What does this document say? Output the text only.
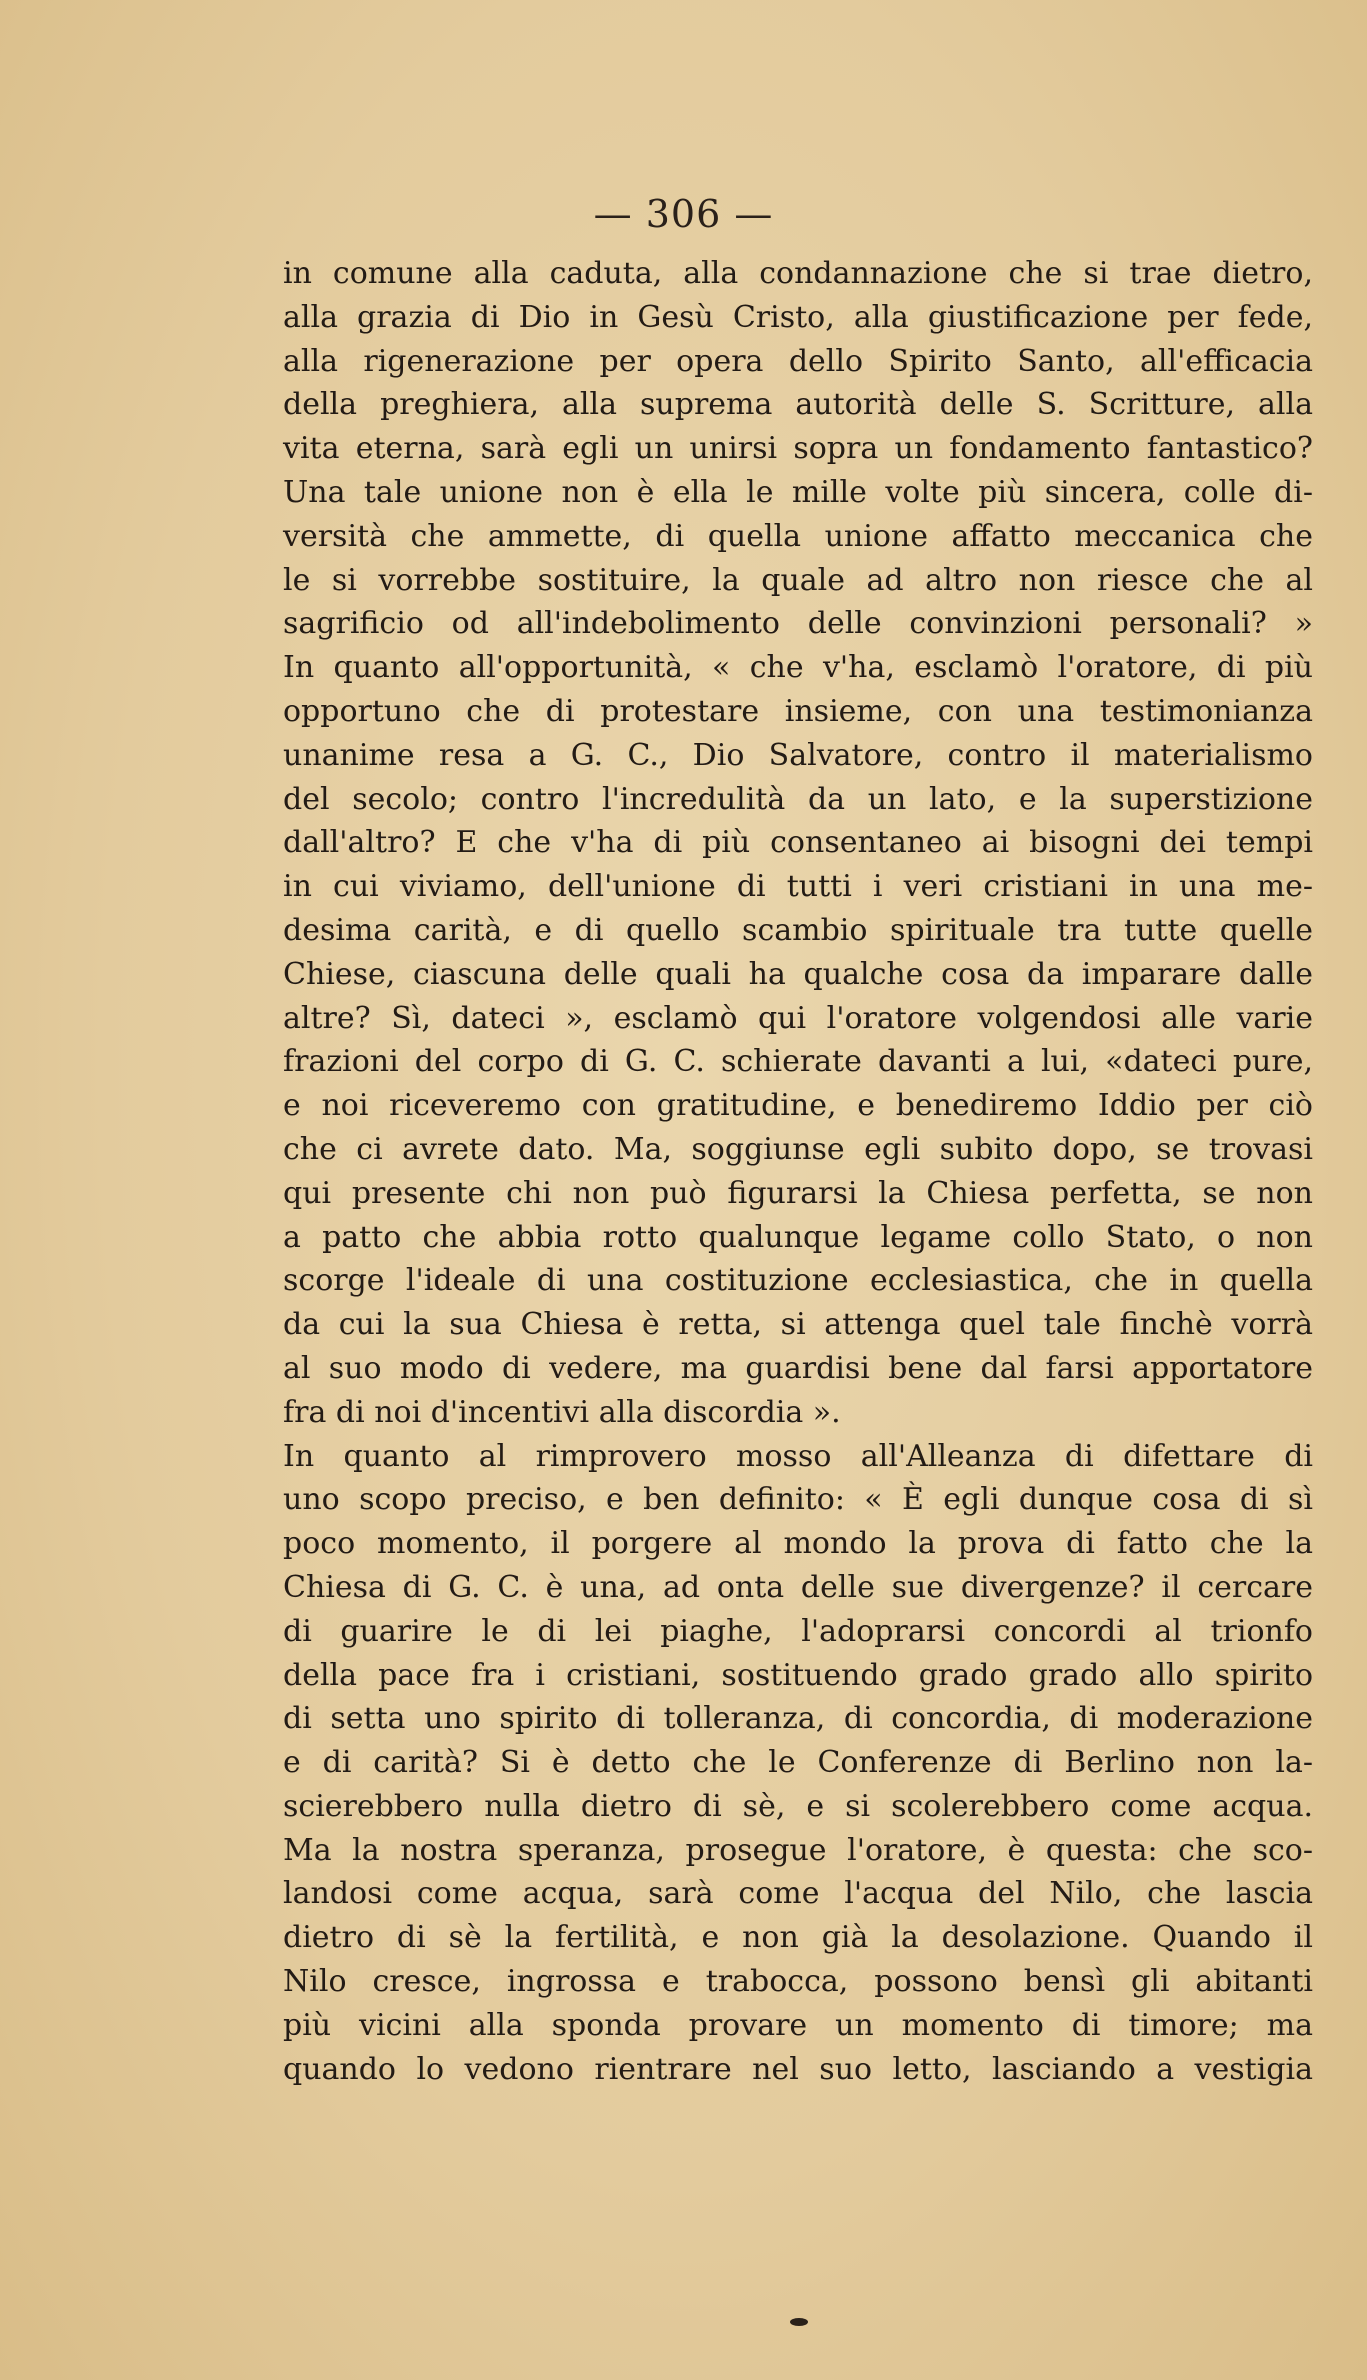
— 306 —
in comune alla caduta, alla condannazione che si trae dietro,
alla grazia di Dio in Gesù Cristo, alla giustificazione per fede,
alla rigenerazione per opera dello Spirito Santo, all'efficacia
della preghiera, alla suprema autorità delle S. Scritture, alla
vita eterna, sarà egli un unirsi sopra un fondamento fantastico?
Una tale unione non è ella le mille volte più sincera, colle di-
versità che ammette, di quella unione affatto meccanica che
le si vorrebbe sostituire, la quale ad altro non riesce che al
sagrificio od all'indebolimento delle convinzioni personali? »
In quanto all'opportunità, « che v'ha, esclamò l'oratore, di più
opportuno che di protestare insieme, con una testimonianza
unanime resa a G. C., Dio Salvatore, contro il materialismo
del secolo; contro l'incredulità da un lato, e la superstizione
dall'altro? E che v'ha di più consentaneo ai bisogni dei tempi
in cui viviamo, dell'unione di tutti i veri cristiani in una me-
desima carità, e di quello scambio spirituale tra tutte quelle
Chiese, ciascuna delle quali ha qualche cosa da imparare dalle
altre? Sì, dateci », esclamò qui l'oratore volgendosi alle varie
frazioni del corpo di G. C. schierate davanti a lui, «dateci pure,
e noi riceveremo con gratitudine, e benediremo Iddio per ciò
che ci avrete dato. Ma, soggiunse egli subito dopo, se trovasi
qui presente chi non può figurarsi la Chiesa perfetta, se non
a patto che abbia rotto qualunque legame collo Stato, o non
scorge l'ideale di una costituzione ecclesiastica, che in quella
da cui la sua Chiesa è retta, si attenga quel tale finchè vorrà
al suo modo di vedere, ma guardisi bene dal farsi apportatore
fra di noi d'incentivi alla discordia ».
In quanto al rimprovero mosso all'Alleanza di difettare di
uno scopo preciso, e ben definito: « È egli dunque cosa di sì
poco momento, il porgere al mondo la prova di fatto che la
Chiesa di G. C. è una, ad onta delle sue divergenze? il cercare
di guarire le di lei piaghe, l'adoprarsi concordi al trionfo
della pace fra i cristiani, sostituendo grado grado allo spirito
di setta uno spirito di tolleranza, di concordia, di moderazione
e di carità? Si è detto che le Conferenze di Berlino non la-
scierebbero nulla dietro di sè, e si scolerebbero come acqua.
Ma la nostra speranza, prosegue l'oratore, è questa: che sco-
landosi come acqua, sarà come l'acqua del Nilo, che lascia
dietro di sè la fertilità, e non già la desolazione. Quando il
Nilo cresce, ingrossa e trabocca, possono bensì gli abitanti
più vicini alla sponda provare un momento di timore; ma
quando lo vedono rientrare nel suo letto, lasciando a vestigia
